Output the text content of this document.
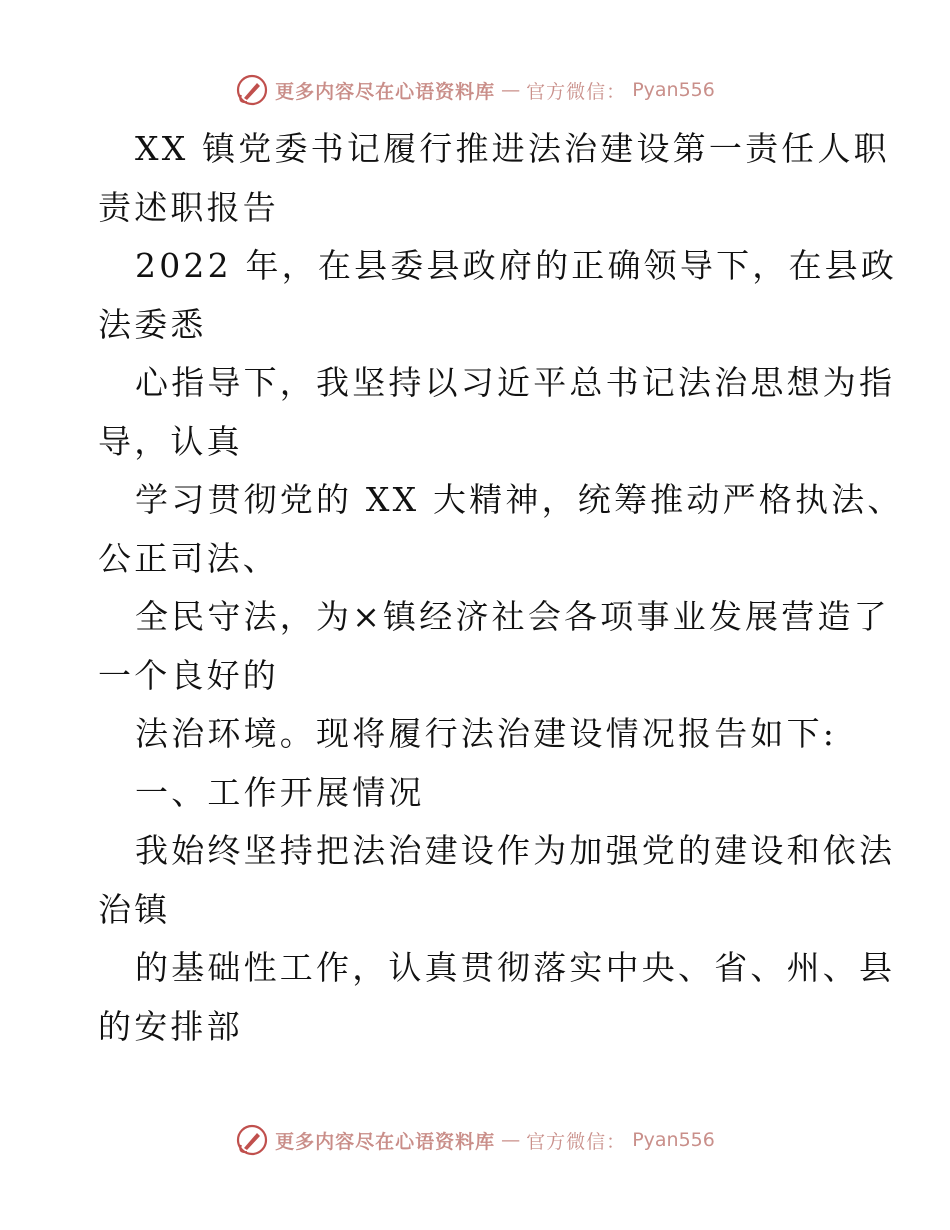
更多内容尽在心语资料库 — 官方微信： Pyan556

XX 镇党委书记履行推进法治建设第一责任人职

责述职报告

2022 年，在县委县政府的正确领导下，在县政

法委悉

心指导下，我坚持以习近平总书记法治思想为指

导，认真

学习贯彻党的 XX 大精神，统筹推动严格执法、

公正司法、

全民守法，为×镇经济社会各项事业发展营造了

一个良好的

法治环境。现将履行法治建设情况报告如下:

一、工作开展情况

我始终坚持把法治建设作为加强党的建设和依法

治镇

的基础性工作，认真贯彻落实中央、省、州、县

的安排部

更多内容尽在心语资料库 — 官方微信： Pyan556
